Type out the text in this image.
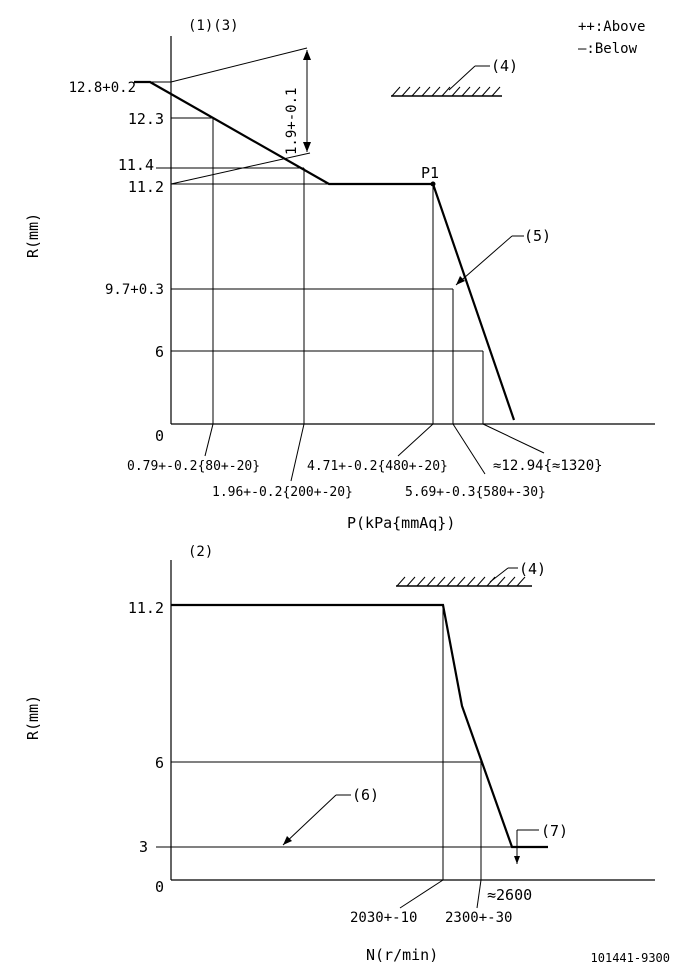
1.9+-0.1
(4)
(5)
(1)(3)
12.8+0.2
12.3
11.4
11.2
9.7+0.3
6
0
P1
R(mm)
0.79+-0.2{80+-20}
1.96+-0.2{200+-20}
4.71+-0.2{480+-20}
5.69+-0.3{580+-30}
≈12.94{≈1320}
P(kPa{mmAq})
++:Above
—:Below
(4)
(6)
(7)
(2)
11.2
6
3
0
R(mm)
2030+-10 2300+-30
≈2600
N(r/min)	101441-9300
